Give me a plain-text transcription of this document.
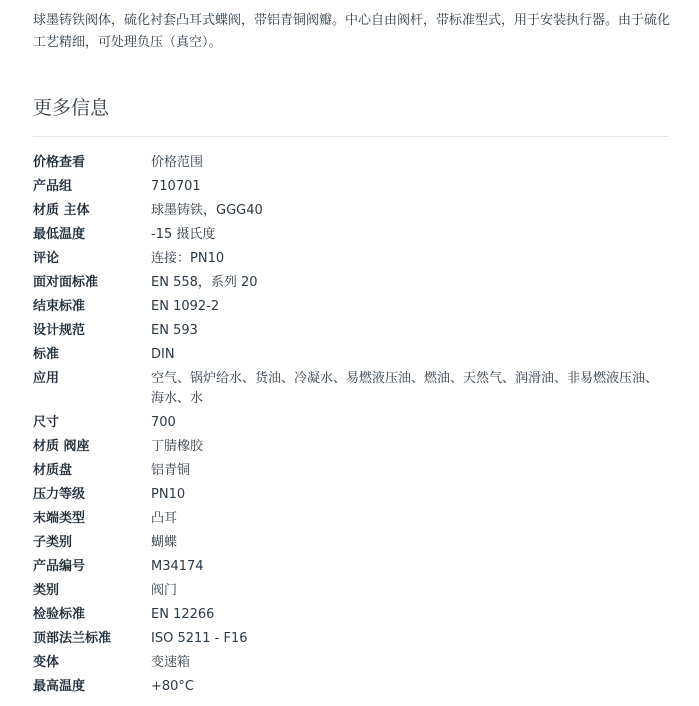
球墨铸铁阀体，硫化衬套凸耳式蝶阀，带铝青铜阀瓣。中心自由阀杆，带标准型式，用于安装执行器。由于硫化工艺精细，可处理负压（真空）。

更多信息
价格查看	价格范围
产品组	710701
材质 主体	球墨铸铁，GGG40
最低温度	-15 摄氏度
评论	连接：PN10
面对面标准	EN 558，系列 20
结束标准	EN 1092-2
设计规范	EN 593
标准	DIN
应用	空气、锅炉给水、货油、冷凝水、易燃液压油、燃油、天然气、润滑油、非易燃液压油、海水、水
尺寸	700
材质 阀座	丁腈橡胶
材质盘	铝青铜
压力等级	PN10
末端类型	凸耳
子类别	蝴蝶
产品编号	M34174
类别	阀门
检验标准	EN 12266
顶部法兰标准	ISO 5211 - F16
变体	变速箱
最高温度	+80°C
